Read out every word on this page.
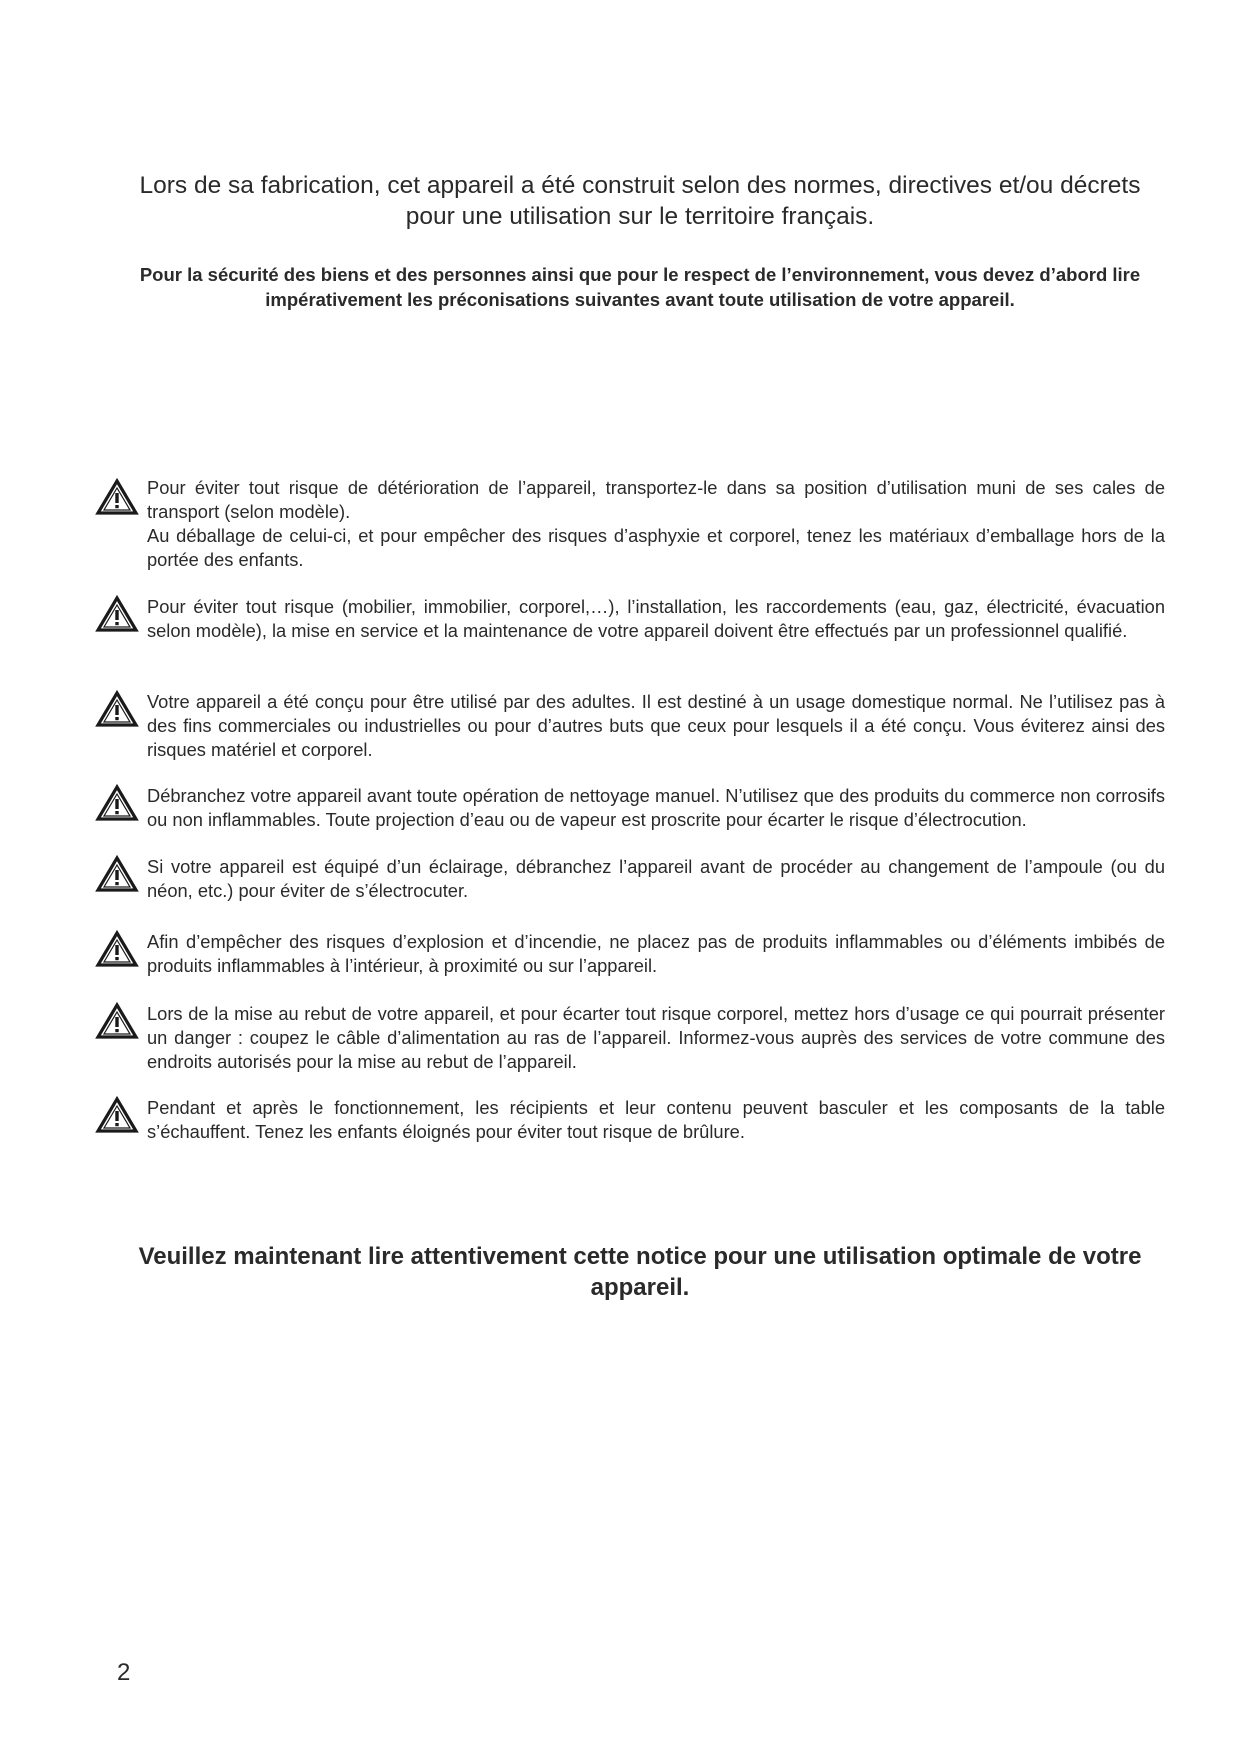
Lors de sa fabrication, cet appareil a été construit selon des normes, directives et/ou décrets pour une utilisation sur le territoire français.
Pour la sécurité des biens et des personnes ainsi que pour le respect de l’environnement, vous devez d’abord lire impérativement les préconisations suivantes avant toute utilisation de votre appareil.

Pour éviter tout risque de détérioration de l’appareil, transportez-le dans sa position d’utilisation muni de ses cales de transport (selon modèle).

Au déballage de celui-ci, et pour empêcher des risques d’asphyxie et corporel, tenez les matériaux d’emballage hors de la portée des enfants.

Pour éviter tout risque (mobilier, immobilier, corporel,…), l’installation, les raccordements (eau, gaz, électricité, évacuation selon modèle), la mise en service et la maintenance de votre appareil doivent être effectués par un professionnel qualifié.

Votre appareil a été conçu pour être utilisé par des adultes. Il est destiné à un usage domestique normal. Ne l’utilisez pas à des fins commerciales ou industrielles ou pour d’autres buts que ceux pour lesquels il a été conçu. Vous éviterez ainsi des risques matériel et corporel.

Débranchez votre appareil avant toute opération de nettoyage manuel. N’utilisez que des produits du commerce non corrosifs ou non inflammables. Toute projection d’eau ou de vapeur est proscrite pour écarter le risque d’électrocution.

Si votre appareil est équipé d’un éclairage, débranchez l’appareil avant de procéder au changement de l’ampoule (ou du néon, etc.) pour éviter de s’électrocuter.

Afin d’empêcher des risques d’explosion et d’incendie, ne placez pas de produits inflammables ou d’éléments imbibés de produits inflammables à l’intérieur, à proximité ou sur l’appareil.

Lors de la mise au rebut de votre appareil, et pour écarter tout risque corporel, mettez hors d’usage ce qui pourrait présenter un danger : coupez le câble d’alimentation au ras de l’appareil. Informez-vous auprès des services de votre commune des endroits autorisés pour la mise au rebut de l’appareil.

Pendant et après le fonctionnement, les récipients et leur contenu peuvent basculer et les composants de la table s’échauffent. Tenez les enfants éloignés pour éviter tout risque de brûlure.

Veuillez maintenant lire attentivement cette notice pour une utilisation optimale de votre appareil.
2
